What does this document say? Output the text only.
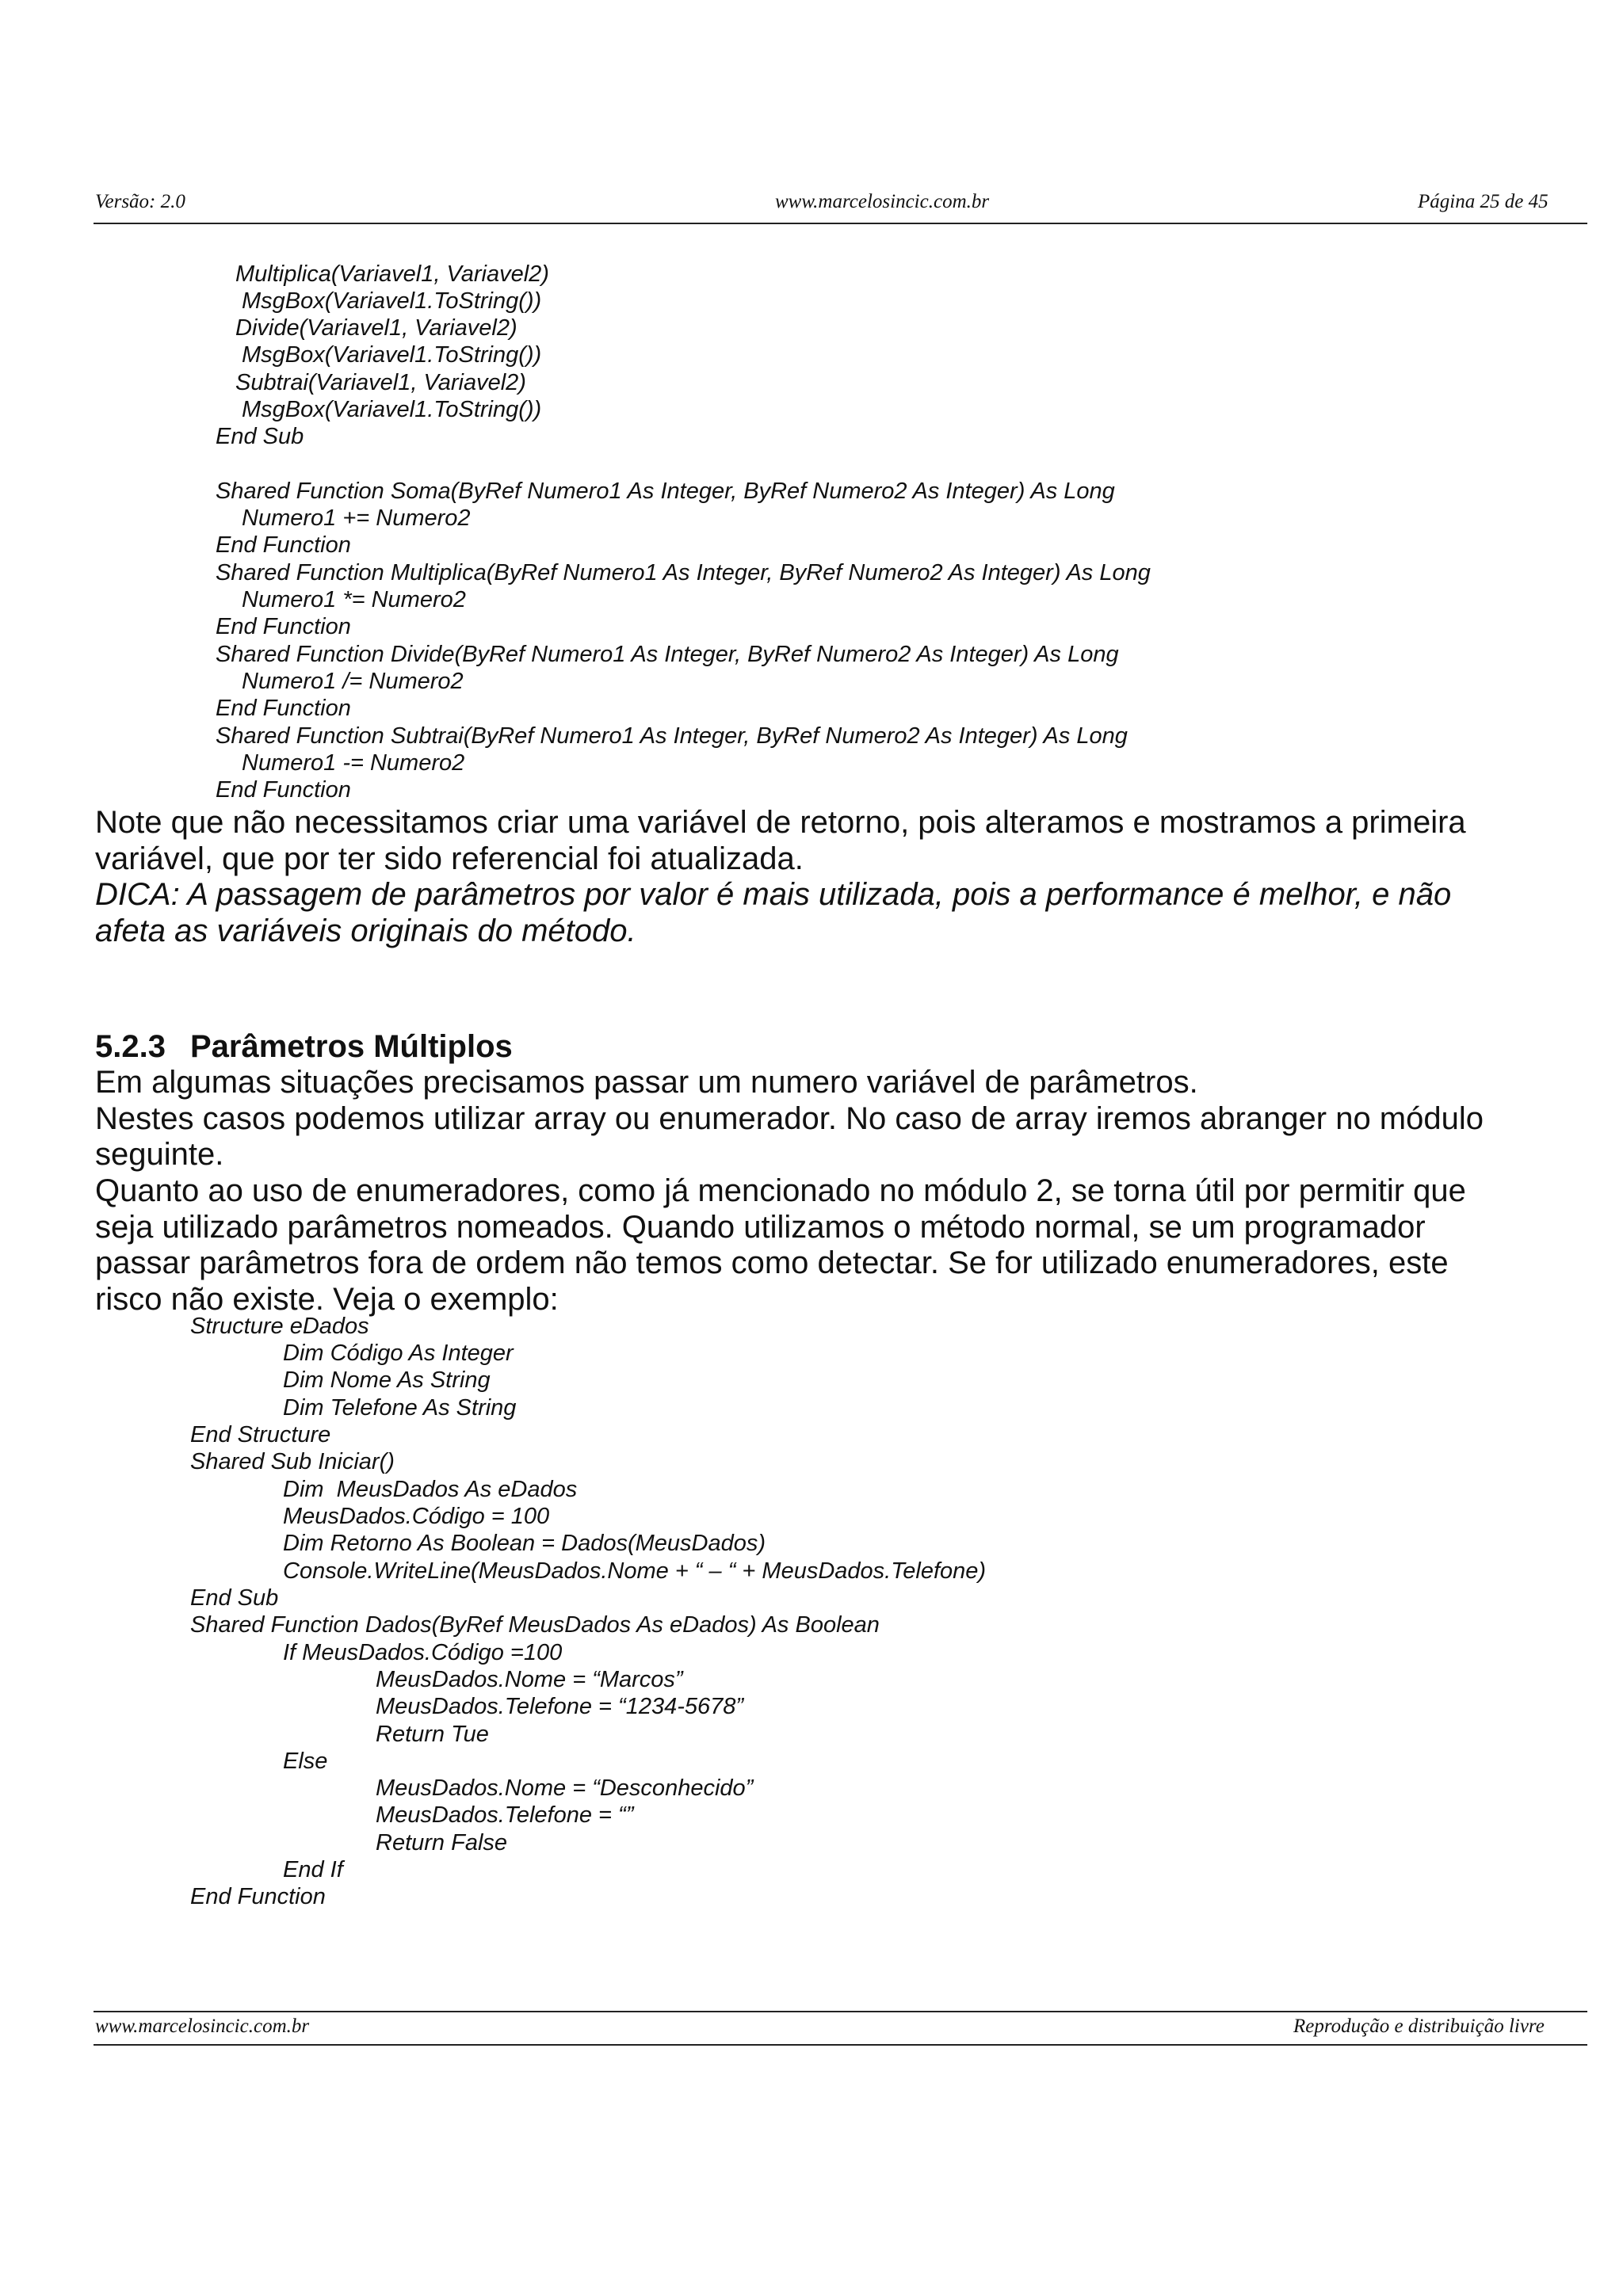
Versão: 2.0	www.marcelosincic.com.br	Página 25 de 45
Multiplica(Variavel1, Variavel2)
MsgBox(Variavel1.ToString())
Divide(Variavel1, Variavel2)
MsgBox(Variavel1.ToString())
Subtrai(Variavel1, Variavel2)
MsgBox(Variavel1.ToString())
End Sub
Shared Function Soma(ByRef Numero1 As Integer, ByRef Numero2 As Integer) As Long
Numero1 += Numero2
End Function
Shared Function Multiplica(ByRef Numero1 As Integer, ByRef Numero2 As Integer) As Long
Numero1 *= Numero2
End Function
Shared Function Divide(ByRef Numero1 As Integer, ByRef Numero2 As Integer) As Long
Numero1 /= Numero2
End Function
Shared Function Subtrai(ByRef Numero1 As Integer, ByRef Numero2 As Integer) As Long
Numero1 -= Numero2
End Function
Note que não necessitamos criar uma variável de retorno, pois alteramos e mostramos a primeira
variável, que por ter sido referencial foi atualizada.
DICA: A passagem de parâmetros por valor é mais utilizada, pois a performance é melhor, e não
afeta as variáveis originais do método.
5.2.3 Parâmetros Múltiplos
Em algumas situações precisamos passar um numero variável de parâmetros.
Nestes casos podemos utilizar array ou enumerador. No caso de array iremos abranger no módulo
seguinte.
Quanto ao uso de enumeradores, como já mencionado no módulo 2, se torna útil por permitir que
seja utilizado parâmetros nomeados. Quando utilizamos o método normal, se um programador
passar parâmetros fora de ordem não temos como detectar. Se for utilizado enumeradores, este
risco não existe. Veja o exemplo:
Structure eDados
Dim Código As Integer
Dim Nome As String
Dim Telefone As String
End Structure
Shared Sub Iniciar()
Dim  MeusDados As eDados
MeusDados.Código = 100
Dim Retorno As Boolean = Dados(MeusDados)
Console.WriteLine(MeusDados.Nome + “ – “ + MeusDados.Telefone)
End Sub
Shared Function Dados(ByRef MeusDados As eDados) As Boolean
If MeusDados.Código =100
MeusDados.Nome = “Marcos”
MeusDados.Telefone = “1234-5678”
Return Tue
Else
MeusDados.Nome = “Desconhecido”
MeusDados.Telefone = “”
Return False
End If
End Function
www.marcelosincic.com.br	Reprodução e distribuição livre
